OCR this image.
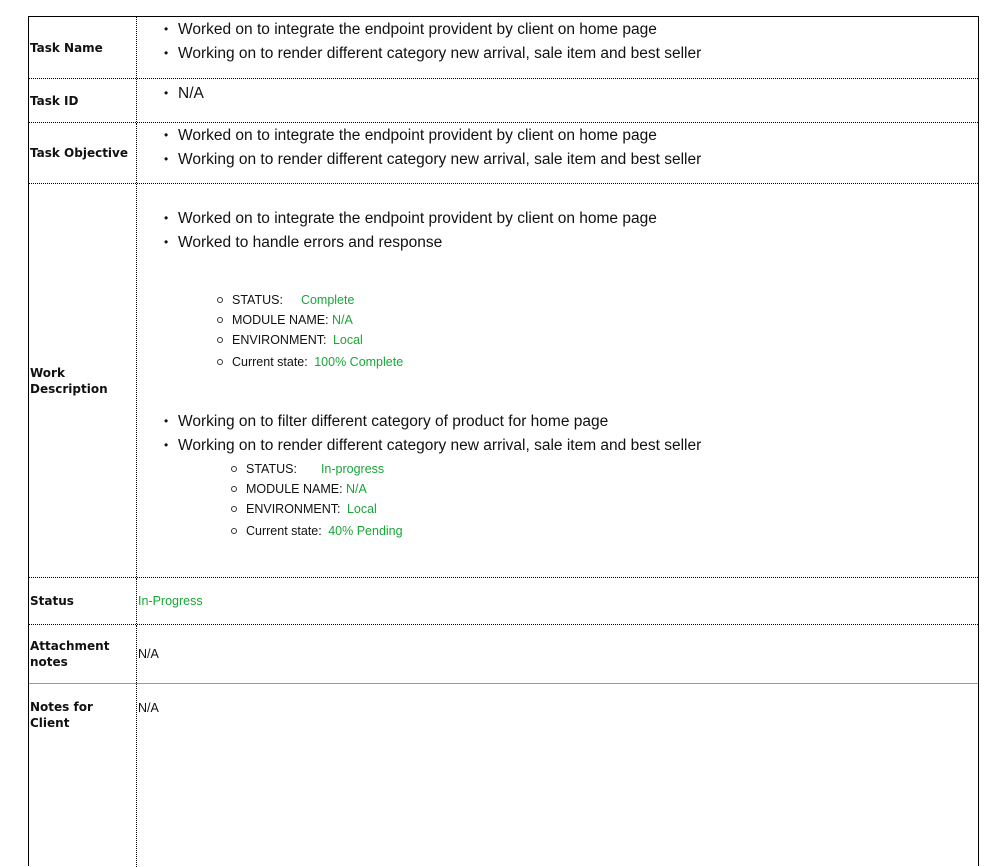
Task Name
• Worked on to integrate the endpoint provident by client on home page
• Working on to render different category new arrival, sale item and best seller
Task ID
•	N/A
Task Objective
• Worked on to integrate the endpoint provident by client on home page
• Working on to render different category new arrival, sale item and best seller
Work Description
• Worked on to integrate the endpoint provident by client on home page
• Worked to handle errors and response
STATUS: Complete
MODULE NAME: N/A
ENVIRONMENT: Local
Current state: 100% Complete
• Working on to filter different category of product for home page
• Working on to render different category new arrival, sale item and best seller
STATUS: In-progress
MODULE NAME: N/A
ENVIRONMENT: Local
Current state: 40% Pending
Status	In-Progress
Attachment notes
N/A
Notes for Client
N/A
